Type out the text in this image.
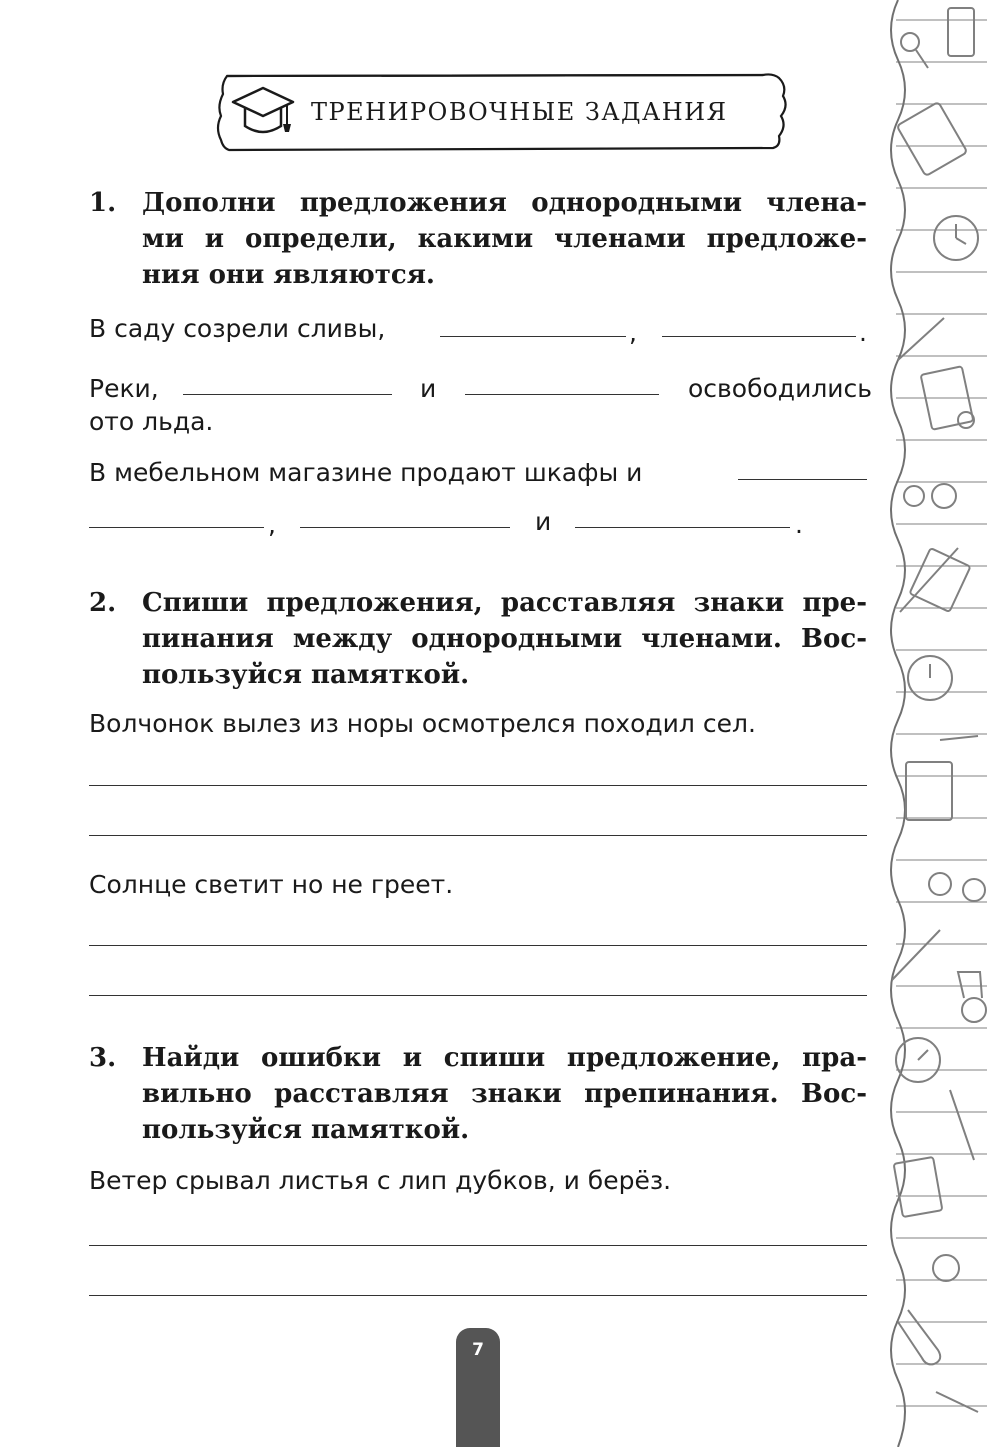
ТРЕНИРОВОЧНЫЕ ЗАДАНИЯ
1. Дополни предложения однородными члена-
ми и определи, какими членами предложе-
ния они являются.
В саду созрели сливы,	,	.
Реки,	и	освободились
ото льда.
В мебельном магазине продают шкафы и
,	и	.
2. Спиши предложения, расставляя знаки пре-
пинания между однородными членами. Вос-
пользуйся памяткой.
Волчонок вылез из норы осмотрелся походил сел.
Солнце светит но не греет.
3. Найди ошибки и спиши предложение, пра-
вильно расставляя знаки препинания. Вос-
пользуйся памяткой.
Ветер срывал листья с лип дубков, и берёз.
7
